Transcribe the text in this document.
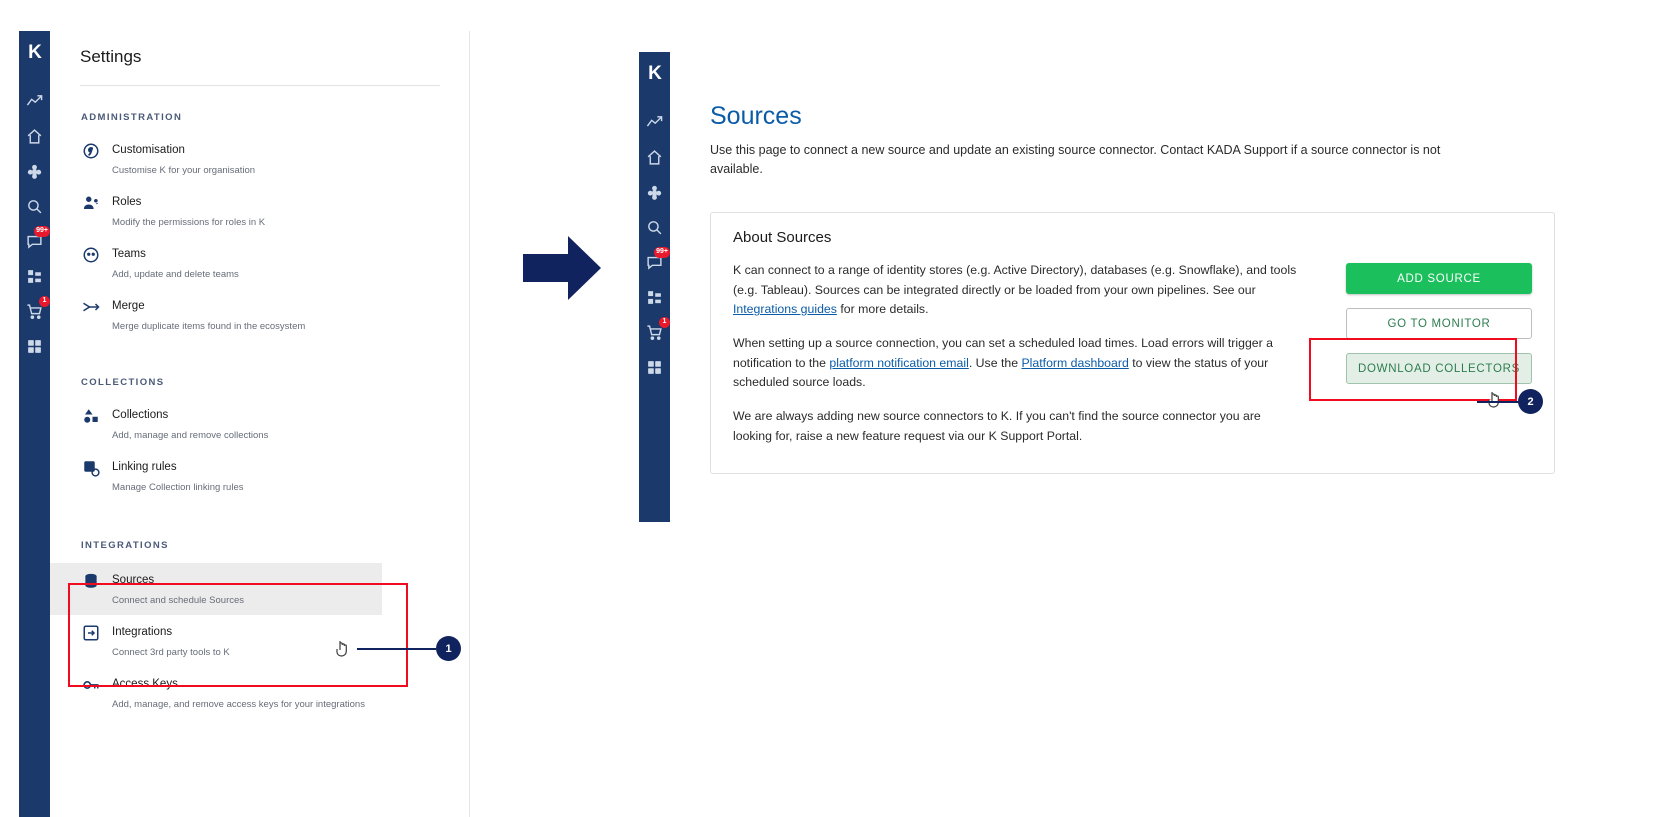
K
99+
1
Settings
ADMINISTRATION
Customisation
Customise K for your organisation
Roles
Modify the permissions for roles in K
Teams
Add, update and delete teams
Merge
Merge duplicate items found in the ecosystem
COLLECTIONS
Collections
Add, manage and remove collections
Linking rules
Manage Collection linking rules
INTEGRATIONS
Sources
Connect and schedule Sources
Integrations
Connect 3rd party tools to K
Access Keys
Add, manage, and remove access keys for your integrations
1
K
99+
1
Sources
Use this page to connect a new source and update an existing source connector. Contact KADA Support if a source connector is not available.
About Sources

K can connect to a range of identity stores (e.g. Active Directory), databases (e.g. Snowflake), and tools (e.g. Tableau). Sources can be integrated directly or be loaded from your own pipelines. See our Integrations guides for more details.

When setting up a source connection, you can set a scheduled load times. Load errors will trigger a notification to the platform notification email. Use the Platform dashboard to view the status of your scheduled source loads.

We are always adding new source connectors to K. If you can't find the source connector you are looking for, raise a new feature request via our K Support Portal.

ADD SOURCE
GO TO MONITOR
DOWNLOAD COLLECTORS
2
